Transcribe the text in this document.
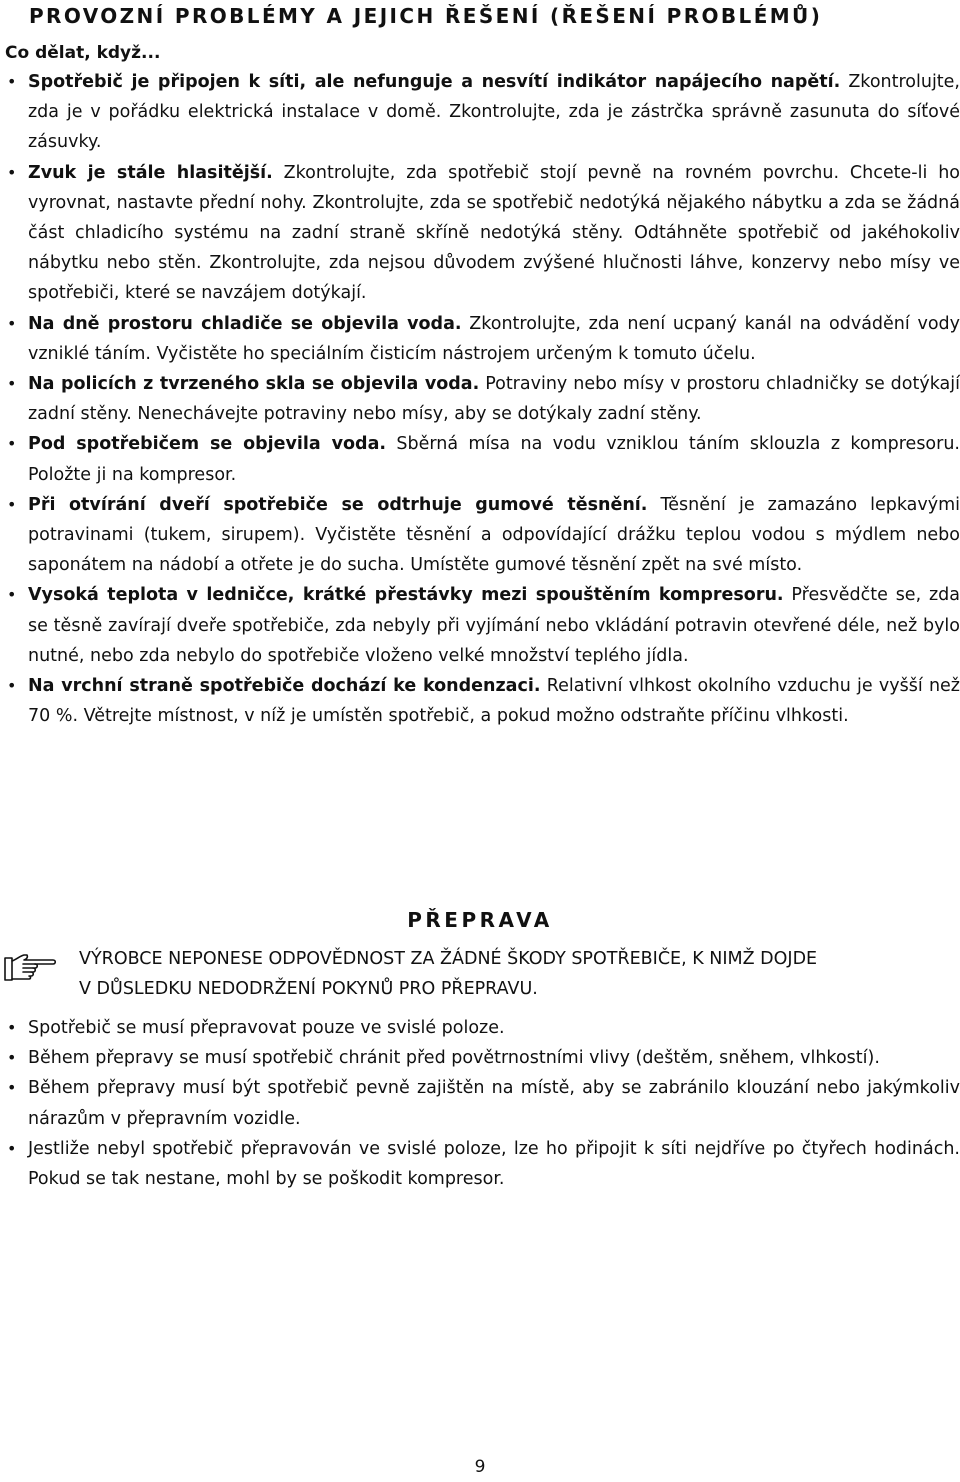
PROVOZNÍ PROBLÉMY A JEJICH ŘEŠENÍ (ŘEŠENÍ PROBLÉMŮ)
Co dělat, když...
• Spotřebič je připojen k síti, ale nefunguje a nesvítí indikátor napájecího napětí. Zkontrolujte, zda je v pořádku elektrická instalace v domě. Zkontrolujte, zda je zástrčka správně zasunuta do síťové zásuvky.
• Zvuk je stále hlasitější. Zkontrolujte, zda spotřebič stojí pevně na rovném povrchu. Chcete-li ho vyrovnat, nastavte přední nohy. Zkontrolujte, zda se spotřebič nedotýká nějakého nábytku a zda se žádná část chladicího systému na zadní straně skříně nedotýká stěny. Odtáhněte spotřebič od jakéhokoliv nábytku nebo stěn. Zkontrolujte, zda nejsou důvodem zvýšené hlučnosti láhve, konzervy nebo mísy ve spotřebiči, které se navzájem dotýkají.
• Na dně prostoru chladiče se objevila voda. Zkontrolujte, zda není ucpaný kanál na odvádění vody vzniklé táním. Vyčistěte ho speciálním čisticím nástrojem určeným k tomuto účelu.
• Na policích z tvrzeného skla se objevila voda. Potraviny nebo mísy v prostoru chladničky se dotýkají zadní stěny. Nenechávejte potraviny nebo mísy, aby se dotýkaly zadní stěny.
• Pod spotřebičem se objevila voda. Sběrná mísa na vodu vzniklou táním sklouzla z kompresoru. Položte ji na kompresor.
• Při otvírání dveří spotřebiče se odtrhuje gumové těsnění. Těsnění je zamazáno lepkavými potravinami (tukem, sirupem). Vyčistěte těsnění a odpovídající drážku teplou vodou s mýdlem nebo saponátem na nádobí a otřete je do sucha. Umístěte gumové těsnění zpět na své místo.
• Vysoká teplota v ledničce, krátké přestávky mezi spouštěním kompresoru. Přesvědčte se, zda se těsně zavírají dveře spotřebiče, zda nebyly při vyjímání nebo vkládání potravin otevřené déle, než bylo nutné, nebo zda nebylo do spotřebiče vloženo velké množství teplého jídla.
• Na vrchní straně spotřebiče dochází ke kondenzaci. Relativní vlhkost okolního vzduchu je vyšší než 70 %. Větrejte místnost, v níž je umístěn spotřebič, a pokud možno odstraňte příčinu vlhkosti.
PŘEPRAVA
VÝROBCE NEPONESE ODPOVĚDNOST ZA ŽÁDNÉ ŠKODY SPOTŘEBIČE, K NIMŽ DOJDE
V DŮSLEDKU NEDODRŽENÍ POKYNŮ PRO PŘEPRAVU.
• Spotřebič se musí přepravovat pouze ve svislé poloze.
• Během přepravy se musí spotřebič chránit před povětrnostními vlivy (deštěm, sněhem, vlhkostí).
• Během přepravy musí být spotřebič pevně zajištěn na místě, aby se zabránilo klouzání nebo jakýmkoliv nárazům v přepravním vozidle.
• Jestliže nebyl spotřebič přepravován ve svislé poloze, lze ho připojit k síti nejdříve po čtyřech hodinách. Pokud se tak nestane, mohl by se poškodit kompresor.
9
